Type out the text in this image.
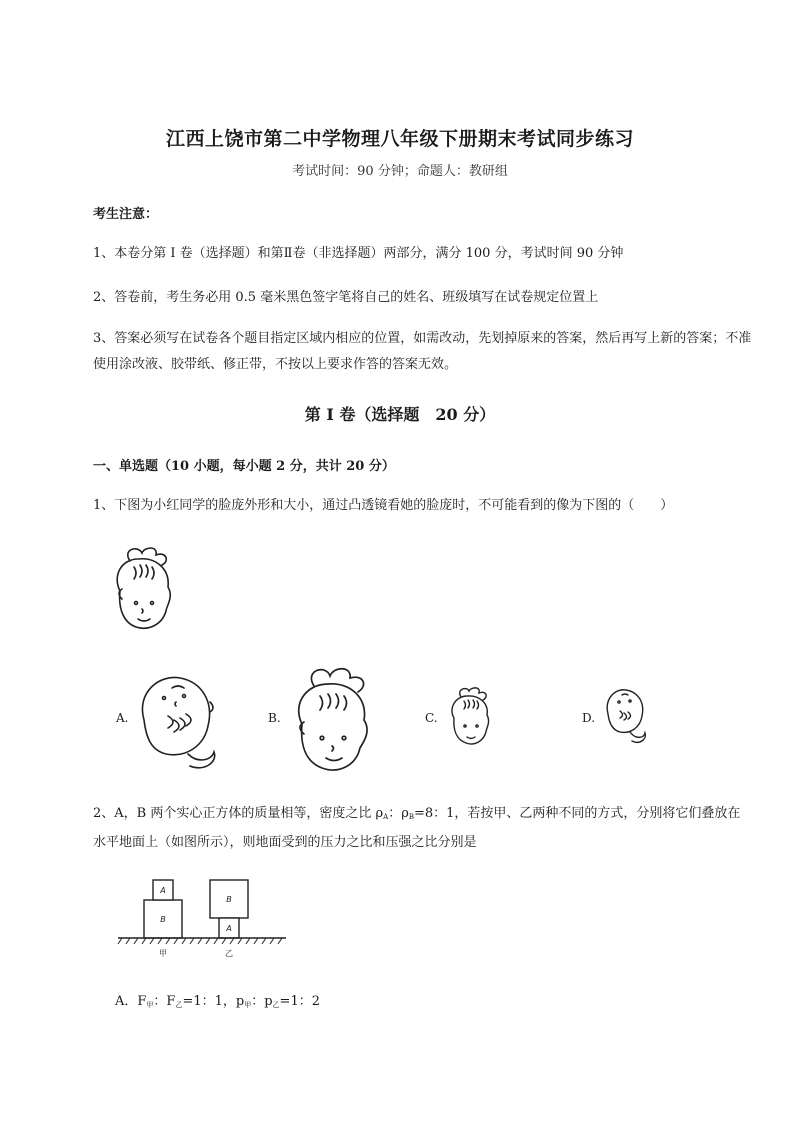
江西上饶市第二中学物理八年级下册期末考试同步练习
考试时间：90 分钟；命题人：教研组
考生注意：
1、本卷分第 I 卷（选择题）和第Ⅱ卷（非选择题）两部分，满分 100 分，考试时间 90 分钟
2、答卷前，考生务必用 0.5 毫米黑色签字笔将自己的姓名、班级填写在试卷规定位置上
3、答案必须写在试卷各个题目指定区域内相应的位置，如需改动，先划掉原来的答案，然后再写上新的答案；不准使用涂改液、胶带纸、修正带，不按以上要求作答的答案无效。
第 I 卷（选择题　20 分）
一、单选题（10 小题，每小题 2 分，共计 20 分）
1、下图为小红同学的脸庞外形和大小，通过凸透镜看她的脸庞时，不可能看到的像为下图的（　　）
A.	B.	C.	D.
2、A，B 两个实心正方体的质量相等，密度之比 $\rho_A$：$\rho_B=8$：1，若按甲、乙两种不同的方式，分别将它们叠放在水平地面上（如图所示），则地面受到的压力之比和压强之比分别是
A
B
B
A
甲	乙
A．$F_甲$：$F_乙=1$：1，$p_甲$：$p_乙=1$：2
